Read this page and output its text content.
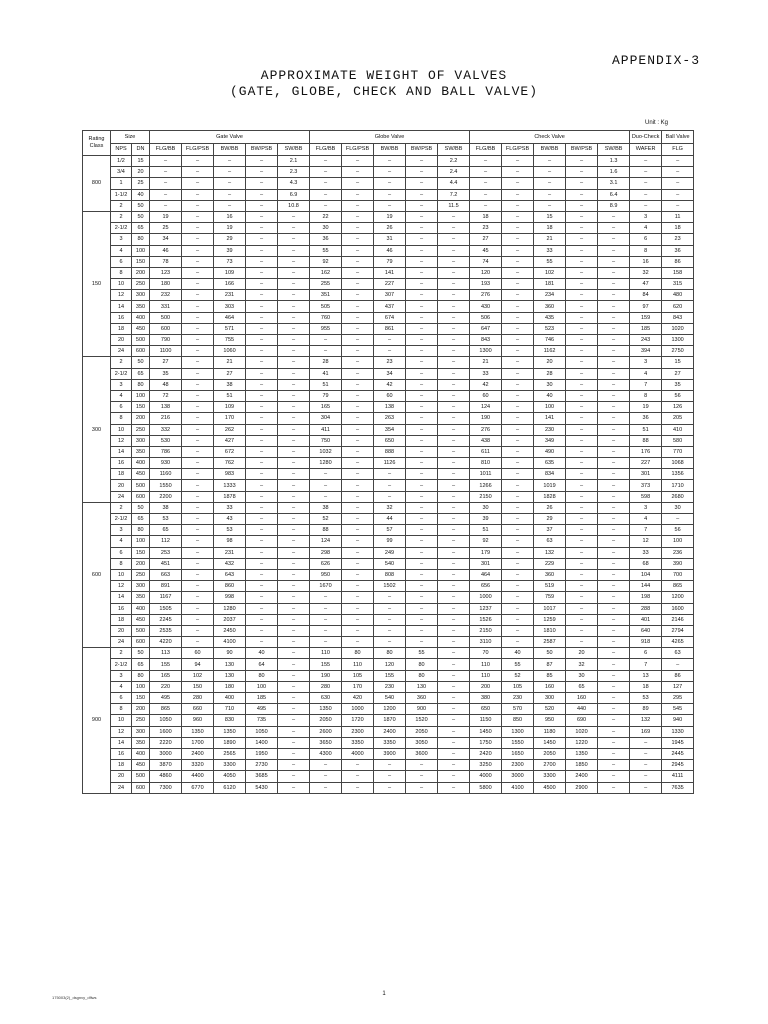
APPENDIX-3
APPROXIMATE WEIGHT OF VALVES
(GATE, GLOBE, CHECK AND BALL VALVE)
Unit : Kg
Rating Class	Size		Gate Valve					Globe Valve					Check Valve					Duo-Check	Ball Valve
	NPS	DN	FLG/BB	FLG/PSB	BW/BB	BW/PSB	SW/BB	FLG/BB	FLG/PSB	BW/BB	BW/PSB	SW/BB	FLG/BB	FLG/PSB	BW/BB	BW/PSB	SW/BB	WAFER	FLG
800	1/2	15	–	–	–	–	2.1	–	–	–	–	2.2	–	–	–	–	1.3	–	–
	3/4	20	–	–	–	–	2.3	–	–	–	–	2.4	–	–	–	–	1.6	–	–
	1	25	–	–	–	–	4.3	–	–	–	–	4.4	–	–	–	–	3.1	–	–
	1-1/2	40	–	–	–	–	6.9	–	–	–	–	7.2	–	–	–	–	6.4	–	–
	2	50	–	–	–	–	10.8	–	–	–	–	11.5	–	–	–	–	8.9	–	–
150	2	50	19	–	16	–	–	22	–	19	–	–	18	–	15	–	–	3	11
	2-1/2	65	25	–	19	–	–	30	–	26	–	–	23	–	18	–	–	4	18
	3	80	34	–	29	–	–	36	–	31	–	–	27	–	21	–	–	6	23
	4	100	46	–	39	–	–	55	–	46	–	–	45	–	33	–	–	8	36
	6	150	78	–	73	–	–	92	–	79	–	–	74	–	55	–	–	16	86
	8	200	123	–	109	–	–	162	–	141	–	–	120	–	102	–	–	32	158
	10	250	180	–	166	–	–	255	–	227	–	–	193	–	181	–	–	47	315
	12	300	232	–	231	–	–	351	–	307	–	–	276	–	234	–	–	84	480
	14	350	331	–	303	–	–	505	–	437	–	–	430	–	360	–	–	97	620
	16	400	500	–	464	–	–	760	–	674	–	–	506	–	435	–	–	159	843
	18	450	600	–	571	–	–	955	–	861	–	–	647	–	523	–	–	185	1020
	20	500	790	–	755	–	–	–	–	–	–	–	843	–	746	–	–	243	1300
	24	600	1100	–	1060	–	–	–	–	–	–	–	1300	–	1162	–	–	394	2750
300	2	50	27	–	21	–	–	28	–	23	–	–	21	–	20	–	–	3	15
	2-1/2	65	35	–	27	–	–	41	–	34	–	–	33	–	28	–	–	4	27
	3	80	48	–	38	–	–	51	–	42	–	–	42	–	30	–	–	7	35
	4	100	72	–	51	–	–	79	–	60	–	–	60	–	40	–	–	8	56
	6	150	138	–	109	–	–	165	–	138	–	–	124	–	100	–	–	19	126
	8	200	216	–	170	–	–	304	–	263	–	–	190	–	141	–	–	36	205
	10	250	332	–	262	–	–	411	–	354	–	–	276	–	230	–	–	51	410
	12	300	530	–	427	–	–	750	–	650	–	–	438	–	349	–	–	88	580
	14	350	786	–	672	–	–	1032	–	888	–	–	611	–	490	–	–	176	770
	16	400	930	–	762	–	–	1280	–	1126	–	–	810	–	635	–	–	227	1068
	18	450	1160	–	983	–	–	–	–	–	–	–	1011	–	834	–	–	301	1356
	20	500	1550	–	1333	–	–	–	–	–	–	–	1266	–	1019	–	–	373	1710
	24	600	2200	–	1878	–	–	–	–	–	–	–	2150	–	1828	–	–	598	2680
600	2	50	38	–	33	–	–	38	–	32	–	–	30	–	26	–	–	3	30
	2-1/2	65	53	–	43	–	–	52	–	44	–	–	39	–	29	–	–	4	–
	3	80	65	–	53	–	–	88	–	57	–	–	51	–	37	–	–	7	56
	4	100	112	–	98	–	–	124	–	99	–	–	92	–	63	–	–	12	100
	6	150	253	–	231	–	–	298	–	249	–	–	179	–	132	–	–	33	236
	8	200	451	–	432	–	–	626	–	540	–	–	301	–	229	–	–	68	390
	10	250	663	–	643	–	–	950	–	808	–	–	464	–	360	–	–	104	700
	12	300	891	–	860	–	–	1670	–	1502	–	–	656	–	519	–	–	144	865
	14	350	1167	–	998	–	–	–	–	–	–	–	1000	–	759	–	–	198	1200
	16	400	1505	–	1280	–	–	–	–	–	–	–	1237	–	1017	–	–	288	1600
	18	450	2245	–	2037	–	–	–	–	–	–	–	1526	–	1259	–	–	401	2146
	20	500	2535	–	2450	–	–	–	–	–	–	–	2150	–	1810	–	–	640	2794
	24	600	4220	–	4100	–	–	–	–	–	–	–	3110	–	2587	–	–	918	4265
900	2	50	113	60	90	40	–	110	80	80	55	–	70	40	50	20	–	6	63
	2-1/2	65	155	94	130	64	–	155	110	120	80	–	110	55	87	32	–	7	–
	3	80	165	102	130	80	–	190	105	155	80	–	110	52	85	30	–	13	86
	4	100	220	150	180	100	–	280	170	230	130	–	200	105	160	65	–	18	127
	6	150	495	280	400	185	–	630	420	540	360	–	380	230	300	160	–	53	295
	8	200	865	660	710	495	–	1350	1000	1200	900	–	650	570	520	440	–	89	545
	10	250	1050	960	830	735	–	2050	1720	1870	1520	–	1150	850	950	690	–	132	940
	12	300	1600	1350	1350	1050	–	2600	2300	2400	2050	–	1450	1300	1180	1020	–	169	1330
	14	350	2220	1700	1890	1400	–	3650	3350	3350	3050	–	1750	1550	1450	1220	–	–	1945
	16	400	3000	2400	2565	1950	–	4300	4000	3900	3600	–	2420	1650	2050	1350	–	–	2445
	18	450	3870	3320	3300	2730	–	–	–	–	–	–	3250	2300	2700	1850	–	–	2945
	20	500	4860	4400	4050	3685	–	–	–	–	–	–	4000	3000	3300	2400	–	–	4111
	24	600	7300	6770	6120	5430	–	–	–	–	–	–	5800	4100	4500	2900	–	–	7635
175003(2)_dsgnvy_dflws
1
